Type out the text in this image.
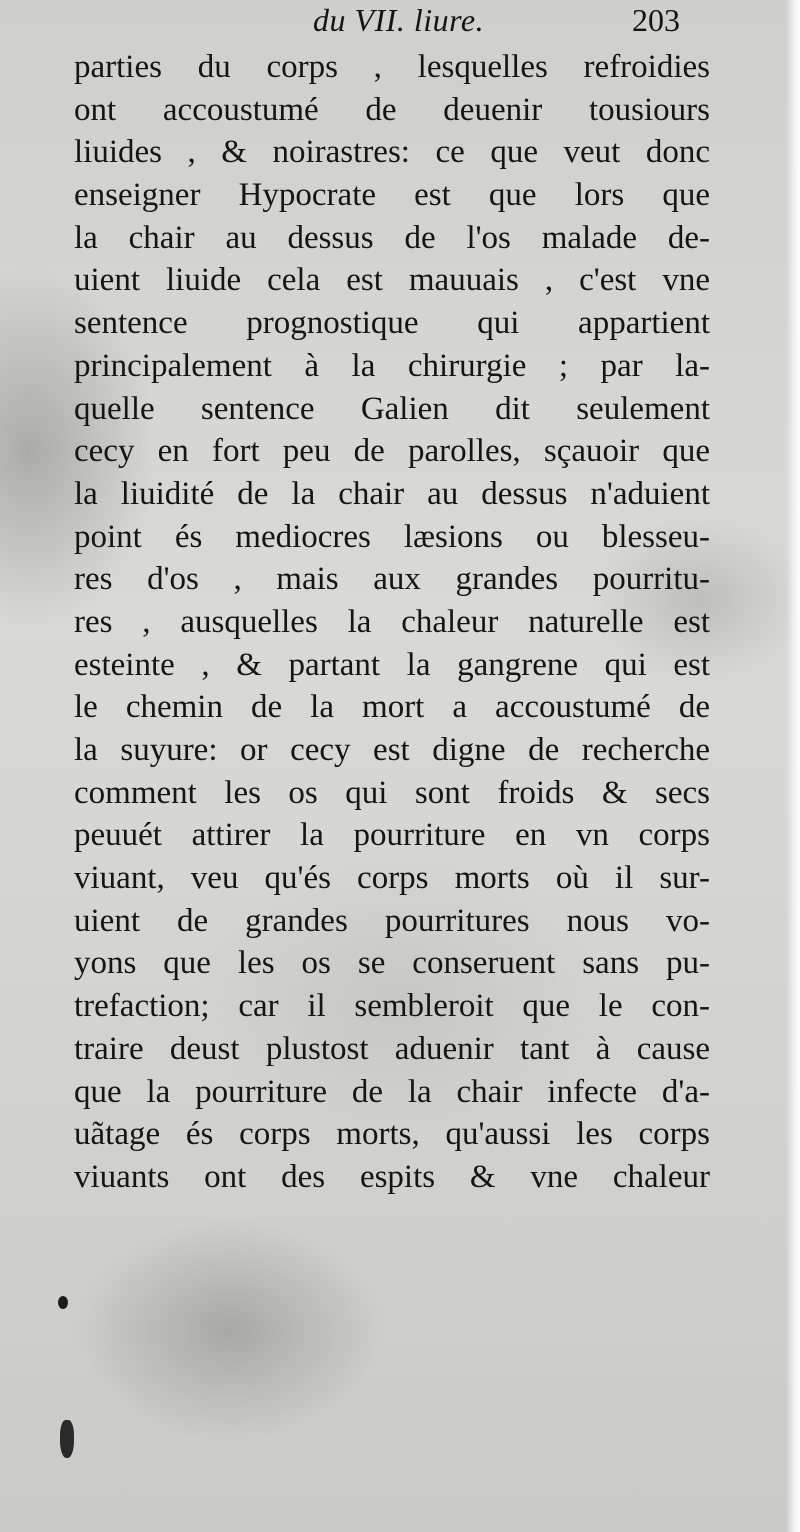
du VII. liure.	203
parties du corps , lesquelles refroidies
ont accoustumé de deuenir tousiours
liuides , & noirastres: ce que veut donc
enseigner Hypocrate est que lors que
la chair au dessus de l'os malade de-
uient liuide cela est mauuais , c'est vne
sentence prognostique qui appartient
principalement à la chirurgie ; par la-
quelle sentence Galien dit seulement
cecy en fort peu de parolles, sçauoir que
la liuidité de la chair au dessus n'aduient
point és mediocres læsions ou blesseu-
res d'os , mais aux grandes pourritu-
res , ausquelles la chaleur naturelle est
esteinte , & partant la gangrene qui est
le chemin de la mort a accoustumé de
la suyure: or cecy est digne de recherche
comment les os qui sont froids & secs
peuuét attirer la pourriture en vn corps
viuant, veu qu'és corps morts où il sur-
uient de grandes pourritures nous vo-
yons que les os se conseruent sans pu-
trefaction; car il sembleroit que le con-
traire deust plustost aduenir tant à cause
que la pourriture de la chair infecte d'a-
uãtage és corps morts, qu'aussi les corps
viuants ont des espits & vne chaleur
